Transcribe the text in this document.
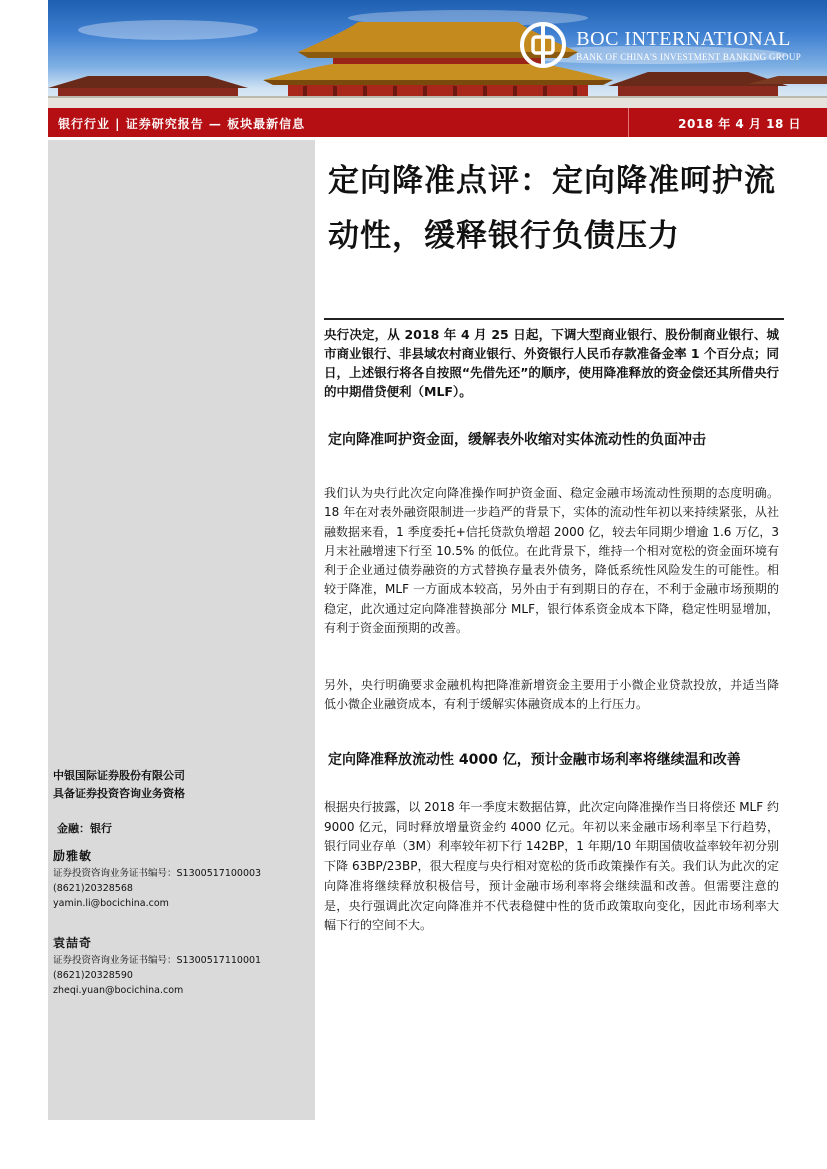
BOC INTERNATIONAL
BANK OF CHINA'S INVESTMENT BANKING GROUP
银行行业 | 证券研究报告 — 板块最新信息	2018 年 4 月 18 日
中银国际证券股份有限公司
具备证券投资咨询业务资格
金融：银行
励雅敏
证券投资咨询业务证书编号：S1300517100003
(8621)20328568
yamin.li@bocichina.com
袁喆奇
证券投资咨询业务证书编号：S1300517110001
(8621)20328590
zheqi.yuan@bocichina.com
定向降准点评：定向降准呵护流动性，缓释银行负债压力
央行决定，从 2018 年 4 月 25 日起，下调大型商业银行、股份制商业银行、城市商业银行、非县域农村商业银行、外资银行人民币存款准备金率 1 个百分点；同日，上述银行将各自按照“先借先还”的顺序，使用降准释放的资金偿还其所借央行的中期借贷便利（MLF）。
定向降准呵护资金面，缓解表外收缩对实体流动性的负面冲击
我们认为央行此次定向降准操作呵护资金面、稳定金融市场流动性预期的态度明确。18 年在对表外融资限制进一步趋严的背景下，实体的流动性年初以来持续紧张，从社融数据来看，1 季度委托+信托贷款负增超 2000 亿，较去年同期少增逾 1.6 万亿，3 月末社融增速下行至 10.5% 的低位。在此背景下，维持一个相对宽松的资金面环境有利于企业通过债券融资的方式替换存量表外债务，降低系统性风险发生的可能性。相较于降准，MLF 一方面成本较高，另外由于有到期日的存在，不利于金融市场预期的稳定，此次通过定向降准替换部分 MLF，银行体系资金成本下降，稳定性明显增加，有利于资金面预期的改善。
另外，央行明确要求金融机构把降准新增资金主要用于小微企业贷款投放，并适当降低小微企业融资成本，有利于缓解实体融资成本的上行压力。
定向降准释放流动性 4000 亿，预计金融市场利率将继续温和改善
根据央行披露，以 2018 年一季度末数据估算，此次定向降准操作当日将偿还 MLF 约 9000 亿元，同时释放增量资金约 4000 亿元。年初以来金融市场利率呈下行趋势，银行同业存单（3M）利率较年初下行 142BP，1 年期/10 年期国债收益率较年初分别下降 63BP/23BP，很大程度与央行相对宽松的货币政策操作有关。我们认为此次的定向降准将继续释放积极信号，预计金融市场利率将会继续温和改善。但需要注意的是，央行强调此次定向降准并不代表稳健中性的货币政策取向变化，因此市场利率大幅下行的空间不大。
